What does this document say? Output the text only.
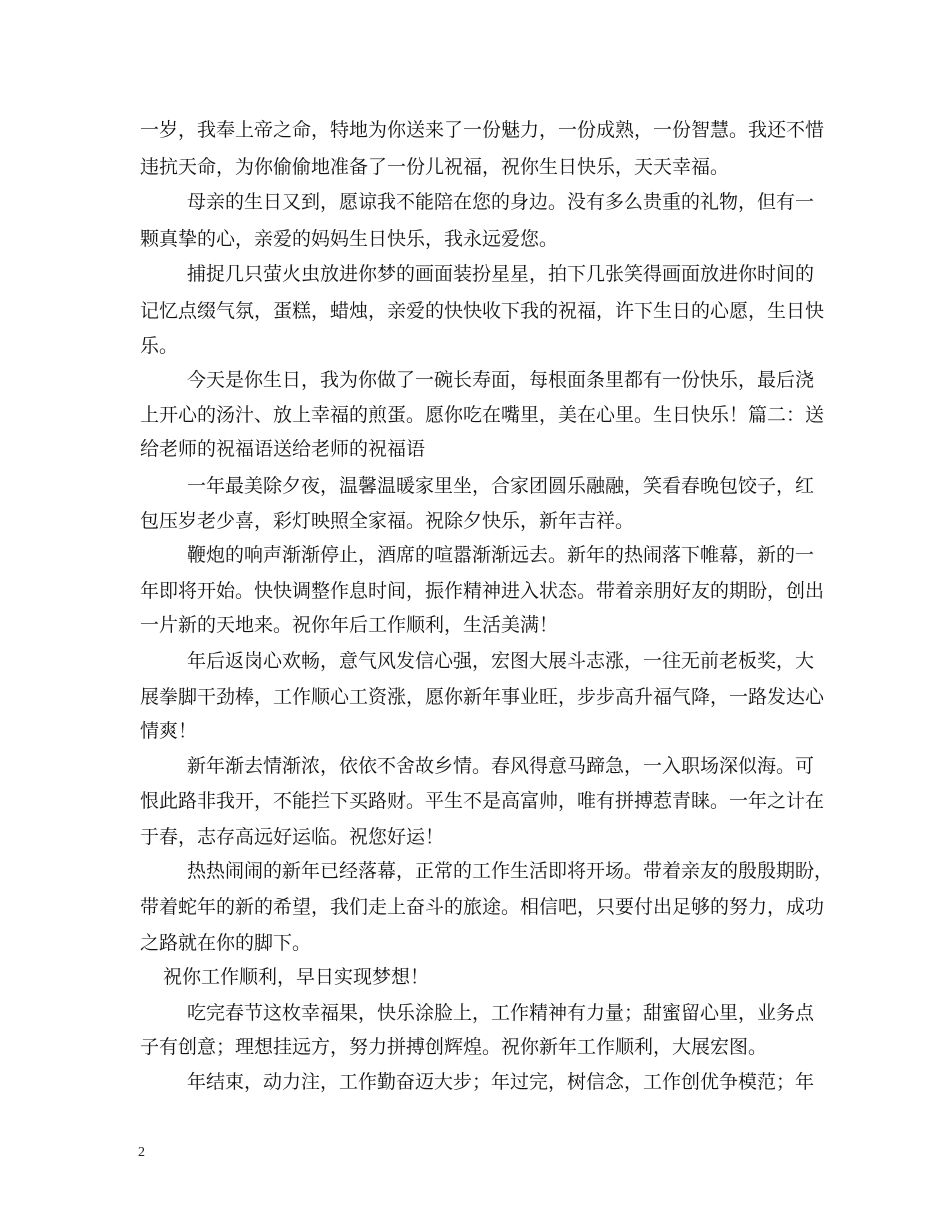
一岁，我奉上帝之命，特地为你送来了一份魅力，一份成熟，一份智慧。我还不惜
违抗天命，为你偷偷地准备了一份儿祝福，祝你生日快乐，天天幸福。
母亲的生日又到，愿谅我不能陪在您的身边。没有多么贵重的礼物，但有一
颗真挚的心，亲爱的妈妈生日快乐，我永远爱您。
捕捉几只萤火虫放进你梦的画面装扮星星，拍下几张笑得画面放进你时间的
记忆点缀气氛，蛋糕，蜡烛，亲爱的快快收下我的祝福，许下生日的心愿，生日快
乐。
今天是你生日，我为你做了一碗长寿面，每根面条里都有一份快乐，最后浇
上开心的汤汁、放上幸福的煎蛋。愿你吃在嘴里，美在心里。生日快乐！篇二：送
给老师的祝福语送给老师的祝福语
一年最美除夕夜，温馨温暖家里坐，合家团圆乐融融，笑看春晚包饺子，红
包压岁老少喜，彩灯映照全家福。祝除夕快乐，新年吉祥。
鞭炮的响声渐渐停止，酒席的喧嚣渐渐远去。新年的热闹落下帷幕，新的一
年即将开始。快快调整作息时间，振作精神进入状态。带着亲朋好友的期盼，创出
一片新的天地来。祝你年后工作顺利，生活美满！
年后返岗心欢畅，意气风发信心强，宏图大展斗志涨，一往无前老板奖，大
展拳脚干劲棒，工作顺心工资涨，愿你新年事业旺，步步高升福气降，一路发达心
情爽！
新年渐去情渐浓，依依不舍故乡情。春风得意马蹄急，一入职场深似海。可
恨此路非我开，不能拦下买路财。平生不是高富帅，唯有拼搏惹青睐。一年之计在
于春，志存高远好运临。祝您好运！
热热闹闹的新年已经落幕，正常的工作生活即将开场。带着亲友的殷殷期盼，
带着蛇年的新的希望，我们走上奋斗的旅途。相信吧，只要付出足够的努力，成功
之路就在你的脚下。
祝你工作顺利，早日实现梦想！
吃完春节这枚幸福果，快乐涂脸上，工作精神有力量；甜蜜留心里，业务点
子有创意；理想挂远方，努力拼搏创辉煌。祝你新年工作顺利，大展宏图。
年结束，动力注，工作勤奋迈大步；年过完，树信念，工作创优争模范；年
2
